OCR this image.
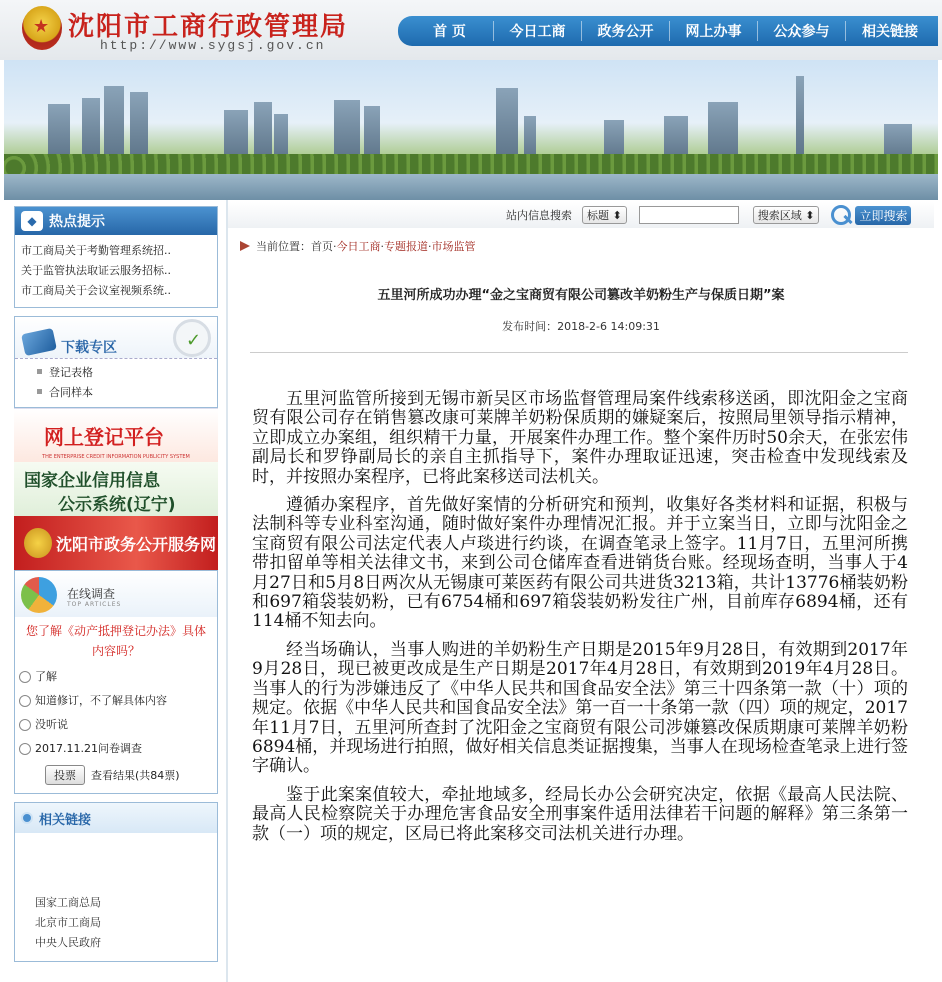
★ 沈阳市工商行政管理局
http://www.sygsj.gov.cn
首 页	今日工商	政务公开	网上办事	公众参与	相关链接
◆ 热点提示
市工商局关于考勤管理系统招..
关于监管执法取证云服务招标..
市工商局关于会议室视频系统..
下载专区	✓
登记表格
合同样本
网上登记平台
THE ENTERPRISE CREDIT INFORMATION PUBLICITY SYSTEM
国家企业信用信息
公示系统(辽宁)
沈阳市政务公开服务网
在线调查
TOP ARTICLES
您了解《动产抵押登记办法》具体内容吗？
了解
知道修订，不了解具体内容
没听说
2017.11.21问卷调查
投票	查看结果(共84票)
相关链接
国家工商总局
北京市工商局
中央人民政府
站内信息搜索 标题 ⬍	搜索区域 ⬍	立即搜索
当前位置： 首页 · 今日工商 · 专题报道 · 市场监管
五里河所成功办理“金之宝商贸有限公司篡改羊奶粉生产与保质日期”案
发布时间：2018-2-6 14:09:31

五里河监管所接到无锡市新吴区市场监督管理局案件线索移送函，即沈阳金之宝商贸有限公司存在销售篡改康可莱牌羊奶粉保质期的嫌疑案后，按照局里领导指示精神，立即成立办案组，组织精干力量，开展案件办理工作。整个案件历时50余天，在张宏伟副局长和罗铮副局长的亲自主抓指导下，案件办理取证迅速，突击检查中发现线索及时，并按照办案程序，已将此案移送司法机关。

遵循办案程序，首先做好案情的分析研究和预判，收集好各类材料和证据，积极与法制科等专业科室沟通，随时做好案件办理情况汇报。并于立案当日，立即与沈阳金之宝商贸有限公司法定代表人卢琰进行约谈，在调查笔录上签字。11月7日，五里河所携带扣留单等相关法律文书，来到公司仓储库查看进销货台账。经现场查明，当事人于4月27日和5月8日两次从无锡康可莱医药有限公司共进货3213箱，共计13776桶装奶粉和697箱袋装奶粉，已有6754桶和697箱袋装奶粉发往广州，目前库存6894桶，还有114桶不知去向。

经当场确认，当事人购进的羊奶粉生产日期是2015年9月28日，有效期到2017年9月28日，现已被更改成是生产日期是2017年4月28日，有效期到2019年4月28日。当事人的行为涉嫌违反了《中华人民共和国食品安全法》第三十四条第一款（十）项的规定。依据《中华人民共和国食品安全法》第一百一十条第一款（四）项的规定，2017年11月7日，五里河所查封了沈阳金之宝商贸有限公司涉嫌篡改保质期康可莱牌羊奶粉6894桶，并现场进行拍照，做好相关信息类证据搜集，当事人在现场检查笔录上进行签字确认。

鉴于此案案值较大，牵扯地域多，经局长办公会研究决定，依据《最高人民法院、最高人民检察院关于办理危害食品安全刑事案件适用法律若干问题的解释》第三条第一款（一）项的规定，区局已将此案移交司法机关进行办理。
